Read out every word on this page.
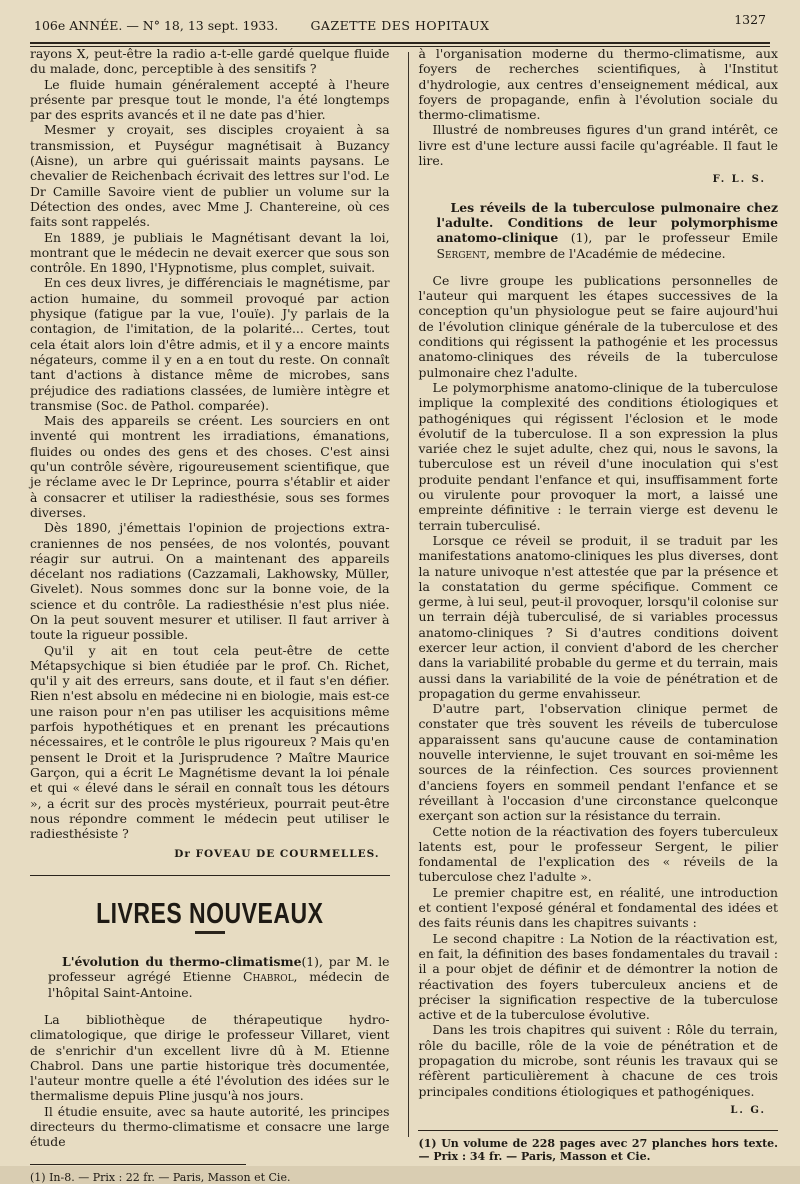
106e ANNÉE. — N° 18, 13 sept. 1933.	GAZETTE DES HOPITAUX	1327

rayons X, peut-être la radio a-t-elle gardé quelque fluide du malade, donc, perceptible à des sensitifs ?

Le fluide humain généralement accepté à l'heure présente par presque tout le monde, l'a été longtemps par des esprits avancés et il ne date pas d'hier.

Mesmer y croyait, ses disciples croyaient à sa transmission, et Puységur magnétisait à Buzancy (Aisne), un arbre qui guérissait maints paysans. Le chevalier de Reichenbach écrivait des lettres sur l'od. Le Dr Camille Savoire vient de publier un volume sur la Détection des ondes, avec Mme J. Chantereine, où ces faits sont rappelés.

En 1889, je publiais le Magnétisant devant la loi, montrant que le médecin ne devait exercer que sous son contrôle. En 1890, l'Hypnotisme, plus complet, suivait.

En ces deux livres, je différenciais le magnétisme, par action humaine, du sommeil provoqué par action physique (fatigue par la vue, l'ouïe). J'y parlais de la contagion, de l'imitation, de la polarité... Certes, tout cela était alors loin d'être admis, et il y a encore maints négateurs, comme il y en a en tout du reste. On connaît tant d'actions à distance même de microbes, sans préjudice des radiations classées, de lumière intègre et transmise (Soc. de Pathol. comparée).

Mais des appareils se créent. Les sourciers en ont inventé qui montrent les irradiations, émanations, fluides ou ondes des gens et des choses. C'est ainsi qu'un contrôle sévère, rigoureusement scientifique, que je réclame avec le Dr Leprince, pourra s'établir et aider à consacrer et utiliser la radiesthésie, sous ses formes diverses.

Dès 1890, j'émettais l'opinion de projections extra-craniennes de nos pensées, de nos volontés, pouvant réagir sur autrui. On a maintenant des appareils décelant nos radiations (Cazzamali, Lakhowsky, Müller, Givelet). Nous sommes donc sur la bonne voie, de la science et du contrôle. La radiesthésie n'est plus niée. On la peut souvent mesurer et utiliser. Il faut arriver à toute la rigueur possible.

Qu'il y ait en tout cela peut-être de cette Métapsychique si bien étudiée par le prof. Ch. Richet, qu'il y ait des erreurs, sans doute, et il faut s'en défier. Rien n'est absolu en médecine ni en biologie, mais est-ce une raison pour n'en pas utiliser les acquisitions même parfois hypothétiques et en prenant les précautions nécessaires, et le contrôle le plus rigoureux ? Mais qu'en pensent le Droit et la Jurisprudence ? Maître Maurice Garçon, qui a écrit Le Magnétisme devant la loi pénale et qui « élevé dans le sérail en connaît tous les détours », a écrit sur des procès mystérieux, pourrait peut-être nous répondre comment le médecin peut utiliser le radiesthésiste ?

Dr FOVEAU DE COURMELLES.
LIVRES NOUVEAUX

L'évolution du thermo-climatisme(1), par M. le professeur agrégé Etienne Chabrol, médecin de l'hôpital Saint-Antoine.

La bibliothèque de thérapeutique hydro-climatologique, que dirige le professeur Villaret, vient de s'enrichir d'un excellent livre dû à M. Etienne Chabrol. Dans une partie historique très documentée, l'auteur montre quelle a été l'évolution des idées sur le thermalisme depuis Pline jusqu'à nos jours.

Il étudie ensuite, avec sa haute autorité, les principes directeurs du thermo-climatisme et consacre une large étude

(1) In-8. — Prix : 22 fr. — Paris, Masson et Cie.

à l'organisation moderne du thermo-climatisme, aux foyers de recherches scientifiques, à l'Institut d'hydrologie, aux centres d'enseignement médical, aux foyers de propagande, enfin à l'évolution sociale du thermo-climatisme.

Illustré de nombreuses figures d'un grand intérêt, ce livre est d'une lecture aussi facile qu'agréable. Il faut le lire.

F. L. S.

Les réveils de la tuberculose pulmonaire chez l'adulte. Conditions de leur polymorphisme anatomo-clinique (1), par le professeur Emile Sergent, membre de l'Académie de médecine.

Ce livre groupe les publications personnelles de l'auteur qui marquent les étapes successives de la conception qu'un physiologue peut se faire aujourd'hui de l'évolution clinique générale de la tuberculose et des conditions qui régissent la pathogénie et les processus anatomo-cliniques des réveils de la tuberculose pulmonaire chez l'adulte.

Le polymorphisme anatomo-clinique de la tuberculose implique la complexité des conditions étiologiques et pathogéniques qui régissent l'éclosion et le mode évolutif de la tuberculose. Il a son expression la plus variée chez le sujet adulte, chez qui, nous le savons, la tuberculose est un réveil d'une inoculation qui s'est produite pendant l'enfance et qui, insuffisamment forte ou virulente pour provoquer la mort, a laissé une empreinte définitive : le terrain vierge est devenu le terrain tuberculisé.

Lorsque ce réveil se produit, il se traduit par les manifestations anatomo-cliniques les plus diverses, dont la nature univoque n'est attestée que par la présence et la constatation du germe spécifique. Comment ce germe, à lui seul, peut-il provoquer, lorsqu'il colonise sur un terrain déjà tuberculisé, de si variables processus anatomo-cliniques ? Si d'autres conditions doivent exercer leur action, il convient d'abord de les chercher dans la variabilité probable du germe et du terrain, mais aussi dans la variabilité de la voie de pénétration et de propagation du germe envahisseur.

D'autre part, l'observation clinique permet de constater que très souvent les réveils de tuberculose apparaissent sans qu'aucune cause de contamination nouvelle intervienne, le sujet trouvant en soi-même les sources de la réinfection. Ces sources proviennent d'anciens foyers en sommeil pendant l'enfance et se réveillant à l'occasion d'une circonstance quelconque exerçant son action sur la résistance du terrain.

Cette notion de la réactivation des foyers tuberculeux latents est, pour le professeur Sergent, le pilier fondamental de l'explication des « réveils de la tuberculose chez l'adulte ».

Le premier chapitre est, en réalité, une introduction et contient l'exposé général et fondamental des idées et des faits réunis dans les chapitres suivants :

Le second chapitre : La Notion de la réactivation est, en fait, la définition des bases fondamentales du travail : il a pour objet de définir et de démontrer la notion de réactivation des foyers tuberculeux anciens et de préciser la signification respective de la tuberculose active et de la tuberculose évolutive.

Dans les trois chapitres qui suivent : Rôle du terrain, rôle du bacille, rôle de la voie de pénétration et de propagation du microbe, sont réunis les travaux qui se réfèrent particulièrement à chacune de ces trois principales conditions étiologiques et pathogéniques.

L. G.
(1) Un volume de 228 pages avec 27 planches hors texte. — Prix : 34 fr. — Paris, Masson et Cie.
